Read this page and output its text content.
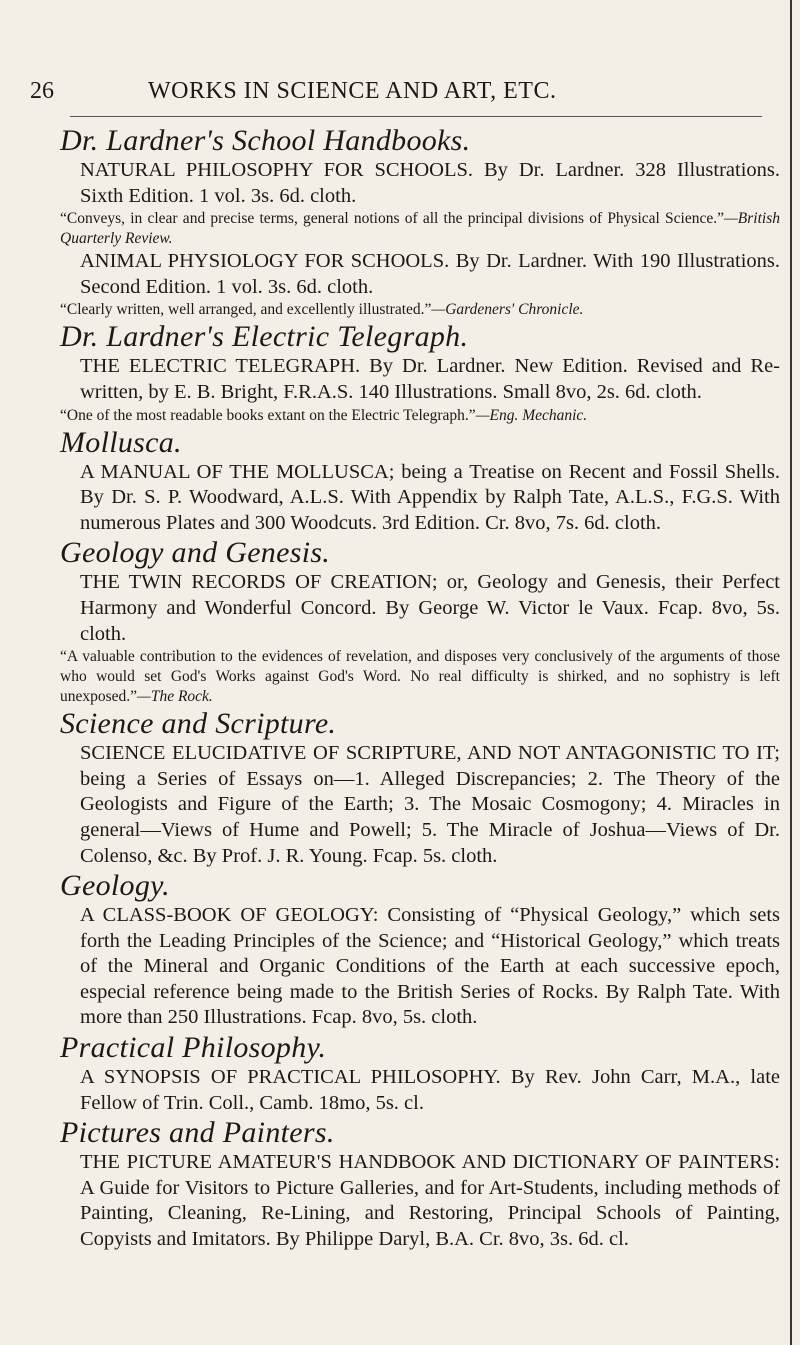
26	WORKS IN SCIENCE AND ART, ETC.

Dr. Lardner's School Handbooks.

NATURAL PHILOSOPHY FOR SCHOOLS. By Dr. Lardner. 328 Illustrations. Sixth Edition. 1 vol. 3s. 6d. cloth.

“Conveys, in clear and precise terms, general notions of all the principal divisions of Physical Science.”—British Quarterly Review.

ANIMAL PHYSIOLOGY FOR SCHOOLS. By Dr. Lardner. With 190 Illustrations. Second Edition. 1 vol. 3s. 6d. cloth.

“Clearly written, well arranged, and excellently illustrated.”—Gardeners' Chronicle.

Dr. Lardner's Electric Telegraph.

THE ELECTRIC TELEGRAPH. By Dr. Lardner. New Edition. Revised and Re-written, by E. B. Bright, F.R.A.S. 140 Illustrations. Small 8vo, 2s. 6d. cloth.

“One of the most readable books extant on the Electric Telegraph.”—Eng. Mechanic.

Mollusca.

A MANUAL OF THE MOLLUSCA; being a Treatise on Recent and Fossil Shells. By Dr. S. P. Woodward, A.L.S. With Appendix by Ralph Tate, A.L.S., F.G.S. With numerous Plates and 300 Woodcuts. 3rd Edition. Cr. 8vo, 7s. 6d. cloth.

Geology and Genesis.

THE TWIN RECORDS OF CREATION; or, Geology and Genesis, their Perfect Harmony and Wonderful Concord. By George W. Victor le Vaux. Fcap. 8vo, 5s. cloth.

“A valuable contribution to the evidences of revelation, and disposes very conclusively of the arguments of those who would set God's Works against God's Word. No real difficulty is shirked, and no sophistry is left unexposed.”—The Rock.

Science and Scripture.

SCIENCE ELUCIDATIVE OF SCRIPTURE, AND NOT ANTAGONISTIC TO IT; being a Series of Essays on—1. Alleged Discrepancies; 2. The Theory of the Geologists and Figure of the Earth; 3. The Mosaic Cosmogony; 4. Miracles in general—Views of Hume and Powell; 5. The Miracle of Joshua—Views of Dr. Colenso, &c. By Prof. J. R. Young. Fcap. 5s. cloth.

Geology.

A CLASS-BOOK OF GEOLOGY: Consisting of “Physical Geology,” which sets forth the Leading Principles of the Science; and “Historical Geology,” which treats of the Mineral and Organic Conditions of the Earth at each successive epoch, especial reference being made to the British Series of Rocks. By Ralph Tate. With more than 250 Illustrations. Fcap. 8vo, 5s. cloth.

Practical Philosophy.

A SYNOPSIS OF PRACTICAL PHILOSOPHY. By Rev. John Carr, M.A., late Fellow of Trin. Coll., Camb. 18mo, 5s. cl.

Pictures and Painters.

THE PICTURE AMATEUR'S HANDBOOK AND DICTIONARY OF PAINTERS: A Guide for Visitors to Picture Galleries, and for Art-Students, including methods of Painting, Cleaning, Re-Lining, and Restoring, Principal Schools of Painting, Copyists and Imitators. By Philippe Daryl, B.A. Cr. 8vo, 3s. 6d. cl.
